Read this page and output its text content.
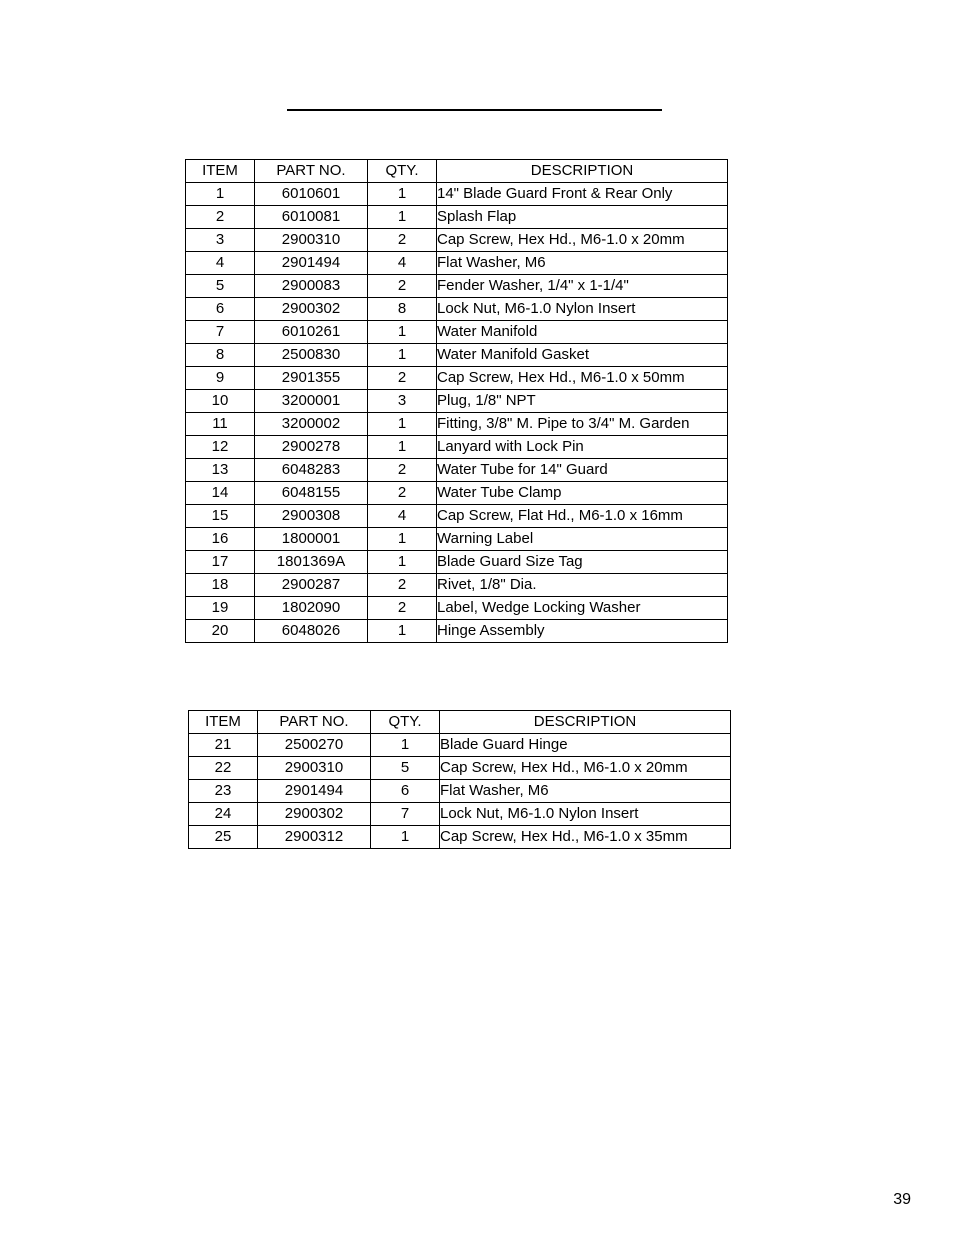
ITEM	PART NO.	QTY.	DESCRIPTION
1	6010601	1	14" Blade Guard Front & Rear Only
2	6010081	1	Splash Flap
3	2900310	2	Cap Screw, Hex Hd., M6-1.0 x 20mm
4	2901494	4	Flat Washer, M6
5	2900083	2	Fender Washer, 1/4" x 1-1/4"
6	2900302	8	Lock Nut, M6-1.0 Nylon Insert
7	6010261	1	Water Manifold
8	2500830	1	Water Manifold Gasket
9	2901355	2	Cap Screw, Hex Hd., M6-1.0 x 50mm
10	3200001	3	Plug, 1/8" NPT
11	3200002	1	Fitting, 3/8" M. Pipe to 3/4" M. Garden
12	2900278	1	Lanyard with Lock Pin
13	6048283	2	Water Tube for 14" Guard
14	6048155	2	Water Tube Clamp
15	2900308	4	Cap Screw, Flat Hd., M6-1.0 x 16mm
16	1800001	1	Warning Label
17	1801369A	1	Blade Guard Size Tag
18	2900287	2	Rivet, 1/8" Dia.
19	1802090	2	Label, Wedge Locking Washer
20	6048026	1	Hinge Assembly
ITEM	PART NO.	QTY.	DESCRIPTION
21	2500270	1	Blade Guard Hinge
22	2900310	5	Cap Screw, Hex Hd., M6-1.0 x 20mm
23	2901494	6	Flat Washer, M6
24	2900302	7	Lock Nut, M6-1.0 Nylon Insert
25	2900312	1	Cap Screw, Hex Hd., M6-1.0 x 35mm
39
